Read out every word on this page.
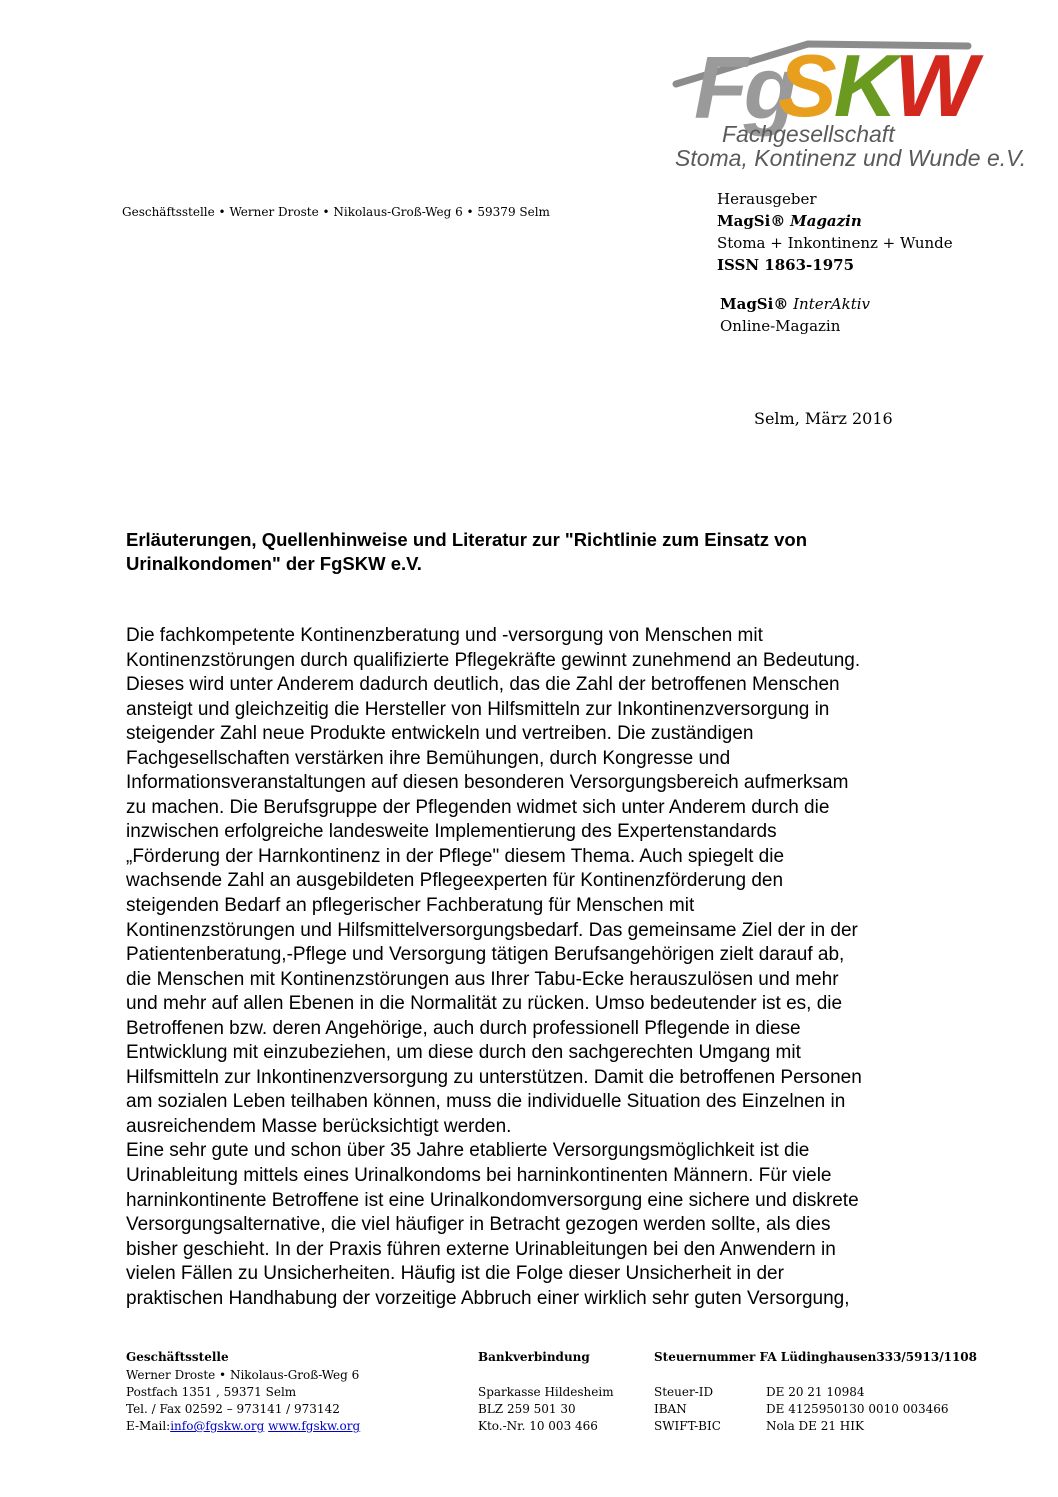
Fg
SKW
Fachgesellschaft
Stoma, Kontinenz und Wunde e.V.
Geschäftsstelle • Werner Droste • Nikolaus-Groß-Weg 6 • 59379 Selm
Herausgeber
MagSi® Magazin
Stoma + Inkontinenz + Wunde
ISSN 1863-1975
MagSi® InterAktiv
Online-Magazin
Selm, März 2016
Erläuterungen, Quellenhinweise und Literatur zur "Richtlinie zum Einsatz von
Urinalkondomen" der FgSKW e.V.
Die fachkompetente Kontinenzberatung und -versorgung von Menschen mit
Kontinenzstörungen durch qualifizierte Pflegekräfte gewinnt zunehmend an Bedeutung.
Dieses wird unter Anderem dadurch deutlich, das die Zahl der betroffenen Menschen
ansteigt und gleichzeitig die Hersteller von Hilfsmitteln zur Inkontinenzversorgung in
steigender Zahl neue Produkte entwickeln und vertreiben. Die zuständigen
Fachgesellschaften verstärken ihre Bemühungen, durch Kongresse und
Informationsveranstaltungen auf diesen besonderen Versorgungsbereich aufmerksam
zu machen. Die Berufsgruppe der Pflegenden widmet sich unter Anderem durch die
inzwischen erfolgreiche landesweite Implementierung des Expertenstandards
„Förderung der Harnkontinenz in der Pflege" diesem Thema. Auch spiegelt die
wachsende Zahl an ausgebildeten Pflegeexperten für Kontinenzförderung den
steigenden Bedarf an pflegerischer Fachberatung für Menschen mit
Kontinenzstörungen und Hilfsmittelversorgungsbedarf. Das gemeinsame Ziel der in der
Patientenberatung,-Pflege und Versorgung tätigen Berufsangehörigen zielt darauf ab,
die Menschen mit Kontinenzstörungen aus Ihrer Tabu-Ecke herauszulösen und mehr
und mehr auf allen Ebenen in die Normalität zu rücken. Umso bedeutender ist es, die
Betroffenen bzw. deren Angehörige, auch durch professionell Pflegende in diese
Entwicklung mit einzubeziehen, um diese durch den sachgerechten Umgang mit
Hilfsmitteln zur Inkontinenzversorgung zu unterstützen. Damit die betroffenen Personen
am sozialen Leben teilhaben können, muss die individuelle Situation des Einzelnen in
ausreichendem Masse berücksichtigt werden.
Eine sehr gute und schon über 35 Jahre etablierte Versorgungsmöglichkeit ist die
Urinableitung mittels eines Urinalkondoms bei harninkontinenten Männern. Für viele
harninkontinente Betroffene ist eine Urinalkondomversorgung eine sichere und diskrete
Versorgungsalternative, die viel häufiger in Betracht gezogen werden sollte, als dies
bisher geschieht. In der Praxis führen externe Urinableitungen bei den Anwendern in
vielen Fällen zu Unsicherheiten. Häufig ist die Folge dieser Unsicherheit in der
praktischen Handhabung der vorzeitige Abbruch einer wirklich sehr guten Versorgung,
Geschäftsstelle
Werner Droste • Nikolaus-Groß-Weg 6
Postfach 1351 , 59371 Selm
Tel. / Fax 02592 – 973141 / 973142
E-Mail:info@fgskw.org www.fgskw.org
Bankverbindung
Sparkasse Hildesheim
BLZ 259 501 30
Kto.-Nr. 10 003 466
Steuernummer FA Lüdinghausen333/5913/1108
Steuer-ID	DE 20 21 10984
IBAN	DE 4125950130 0010 003466
SWIFT-BIC	Nola DE 21 HIK
